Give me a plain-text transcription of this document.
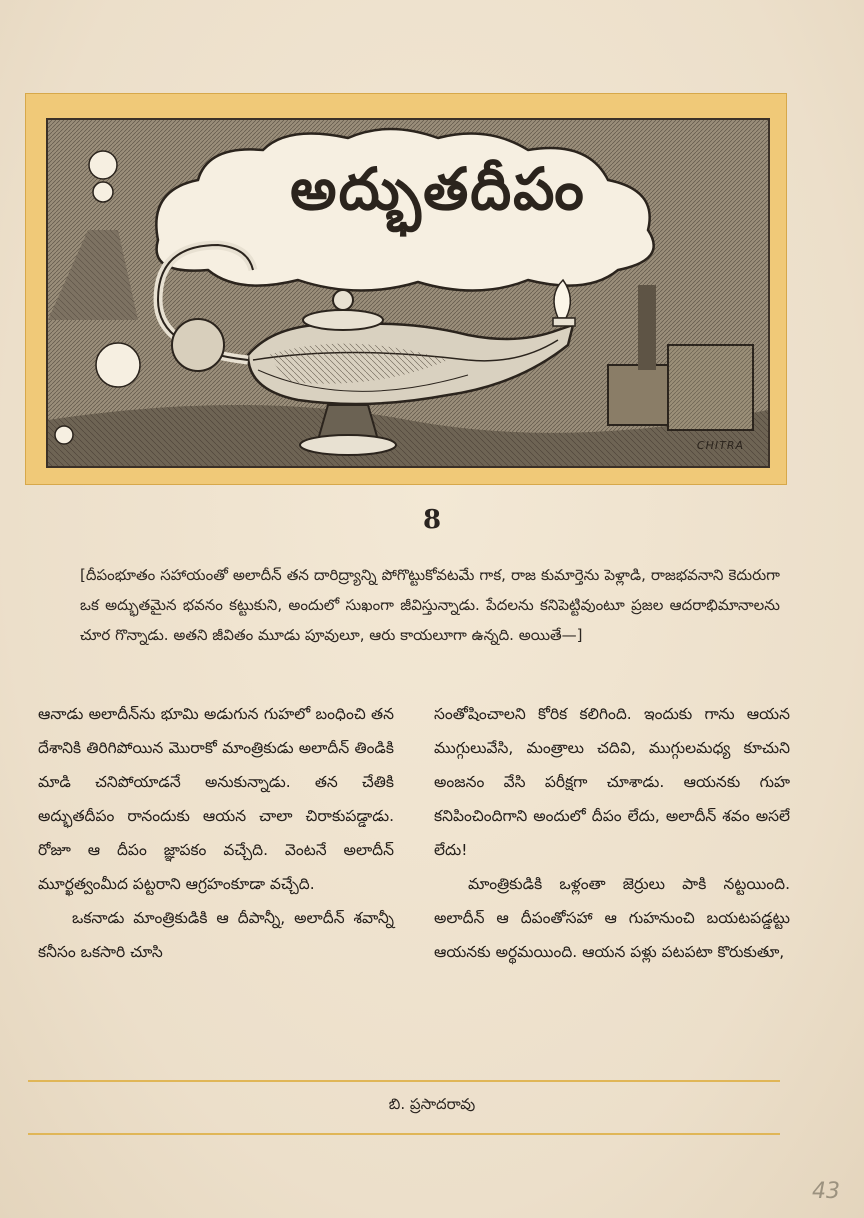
అద్భుతదీపం
CHITRA
8
[దీపంభూతం సహాయంతో అలాదీన్ తన దారిద్ర్యాన్ని పోగొట్టుకోవటమే గాక, రాజ కుమార్తెను పెళ్లాడి, రాజభవనాని కెదురుగా ఒక అద్భుతమైన భవనం కట్టుకుని, అందులో సుఖంగా జీవిస్తున్నాడు. పేదలను కనిపెట్టివుంటూ ప్రజల ఆదరాభిమానాలను చూర గొన్నాడు. అతని జీవితం మూడు పూవులూ, ఆరు కాయలూగా ఉన్నది. అయితే—]

ఆనాడు అలాదీన్‌ను భూమి అడుగున గుహలో బంధించి తన దేశానికి తిరిగిపోయిన మొరాకో మాంత్రికుడు అలాదీన్ తిండికి మాడి చనిపోయాడనే అనుకున్నాడు. తన చేతికి అద్భుతదీపం రానందుకు ఆయన చాలా చిరాకుపడ్డాడు. రోజూ ఆ దీపం జ్ఞాపకం వచ్చేది. వెంటనే అలాదీన్ మూర్ఖత్వంమీద పట్టరాని ఆగ్రహంకూడా వచ్చేది.

ఒకనాడు మాంత్రికుడికి ఆ దీపాన్నీ, అలాదీన్ శవాన్నీ కనీసం ఒకసారి చూసి

సంతోషించాలని కోరిక కలిగింది. ఇందుకు గాను ఆయన ముగ్గులువేసి, మంత్రాలు చదివి, ముగ్గులమధ్య కూచుని అంజనం వేసి పరీక్షగా చూశాడు. ఆయనకు గుహ కనిపించిందిగాని అందులో దీపం లేదు, అలాదీన్ శవం అసలే లేదు!

మాంత్రికుడికి ఒళ్లంతా జెర్రులు పాకి నట్టయింది. అలాదీన్ ఆ దీపంతోసహా ఆ గుహనుంచి బయటపడ్డట్టు ఆయనకు అర్థమయింది. ఆయన పళ్లు పటపటా కొరుకుతూ,

బి. ప్రసాదరావు
43
